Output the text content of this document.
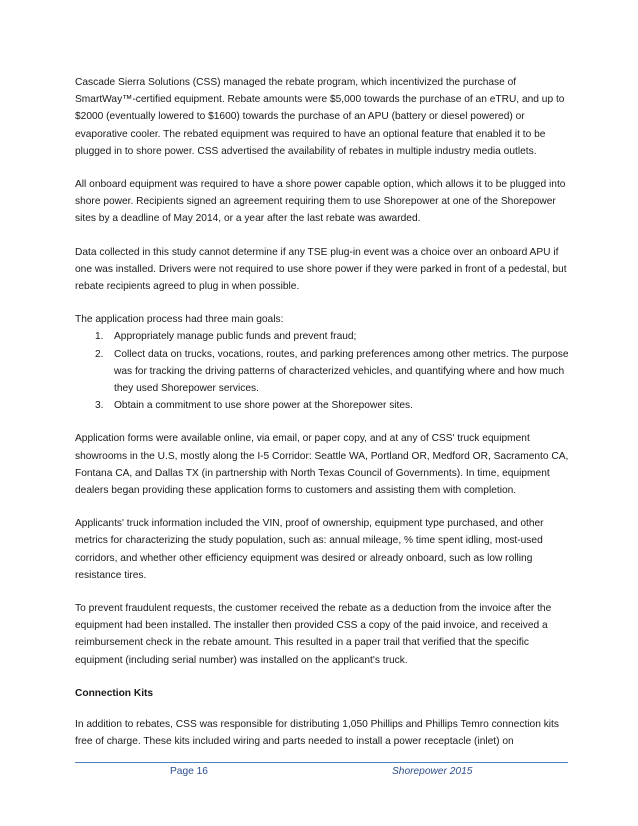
Cascade Sierra Solutions (CSS) managed the rebate program, which incentivized the purchase of SmartWay™-certified equipment. Rebate amounts were $5,000 towards the purchase of an eTRU, and up to $2000 (eventually lowered to $1600) towards the purchase of an APU (battery or diesel powered) or evaporative cooler. The rebated equipment was required to have an optional feature that enabled it to be plugged in to shore power. CSS advertised the availability of rebates in multiple industry media outlets.

All onboard equipment was required to have a shore power capable option, which allows it to be plugged into shore power. Recipients signed an agreement requiring them to use Shorepower at one of the Shorepower sites by a deadline of May 2014, or a year after the last rebate was awarded.

Data collected in this study cannot determine if any TSE plug-in event was a choice over an onboard APU if one was installed. Drivers were not required to use shore power if they were parked in front of a pedestal, but rebate recipients agreed to plug in when possible.

The application process had three main goals:

1.	Appropriately manage public funds and prevent fraud;
2.	Collect data on trucks, vocations, routes, and parking preferences among other metrics. The purpose was for tracking the driving patterns of characterized vehicles, and quantifying where and how much they used Shorepower services.
3.	Obtain a commitment to use shore power at the Shorepower sites.

Application forms were available online, via email, or paper copy, and at any of CSS' truck equipment showrooms in the U.S, mostly along the I-5 Corridor: Seattle WA, Portland OR, Medford OR, Sacramento CA, Fontana CA, and Dallas TX (in partnership with North Texas Council of Governments). In time, equipment dealers began providing these application forms to customers and assisting them with completion.

Applicants' truck information included the VIN, proof of ownership, equipment type purchased, and other metrics for characterizing the study population, such as: annual mileage, % time spent idling, most-used corridors, and whether other efficiency equipment was desired or already onboard, such as low rolling resistance tires.

To prevent fraudulent requests, the customer received the rebate as a deduction from the invoice after the equipment had been installed. The installer then provided CSS a copy of the paid invoice, and received a reimbursement check in the rebate amount. This resulted in a paper trail that verified that the specific equipment (including serial number) was installed on the applicant's truck.

Connection Kits

In addition to rebates, CSS was responsible for distributing 1,050 Phillips and Phillips Temro connection kits free of charge. These kits included wiring and parts needed to install a power receptacle (inlet) on

Page 16	Shorepower 2015
